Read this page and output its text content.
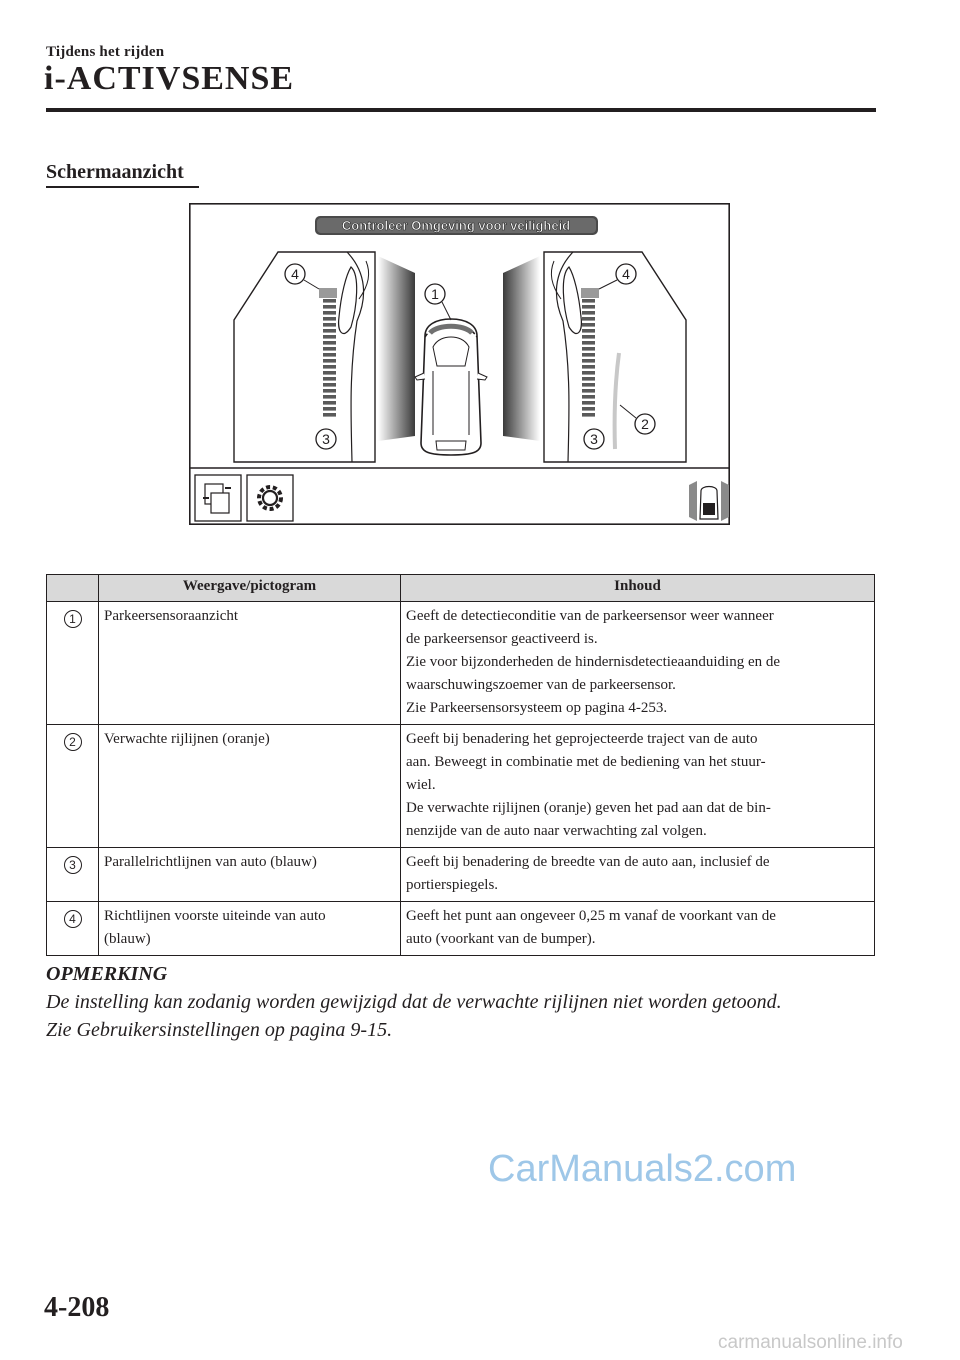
Tijdens het rijden
i-ACTIVSENSE
Schermaanzicht
Controleer Omgeving voor veiligheid
4
1
4
3	3
2
	Weergave/pictogram	Inhoud
1	Parkeersensoraanzicht	Geeft de detectieconditie van de parkeersensor weer wanneer
de parkeersensor geactiveerd is.
Zie voor bijzonderheden de hindernisdetectieaanduiding en de
waarschuwingszoemer van de parkeersensor.
Zie Parkeersensorsysteem op pagina 4-253.

2	Verwachte rijlijnen (oranje)	Geeft bij benadering het geprojecteerde traject van de auto
aan. Beweegt in combinatie met de bediening van het stuur-
wiel.
De verwachte rijlijnen (oranje) geven het pad aan dat de bin-
nenzijde van de auto naar verwachting zal volgen.

3	Parallelrichtlijnen van auto (blauw)	Geeft bij benadering de breedte van de auto aan, inclusief de
portierspiegels.

4	Richtlijnen voorste uiteinde van auto
(blauw)	Geeft het punt aan ongeveer 0,25 m vanaf de voorkant van de
auto (voorkant van de bumper).
OPMERKING
De instelling kan zodanig worden gewijzigd dat de verwachte rijlijnen niet worden getoond.
Zie Gebruikersinstellingen op pagina 9-15.
CarManuals2.com
4-208
carmanualsonline.info
